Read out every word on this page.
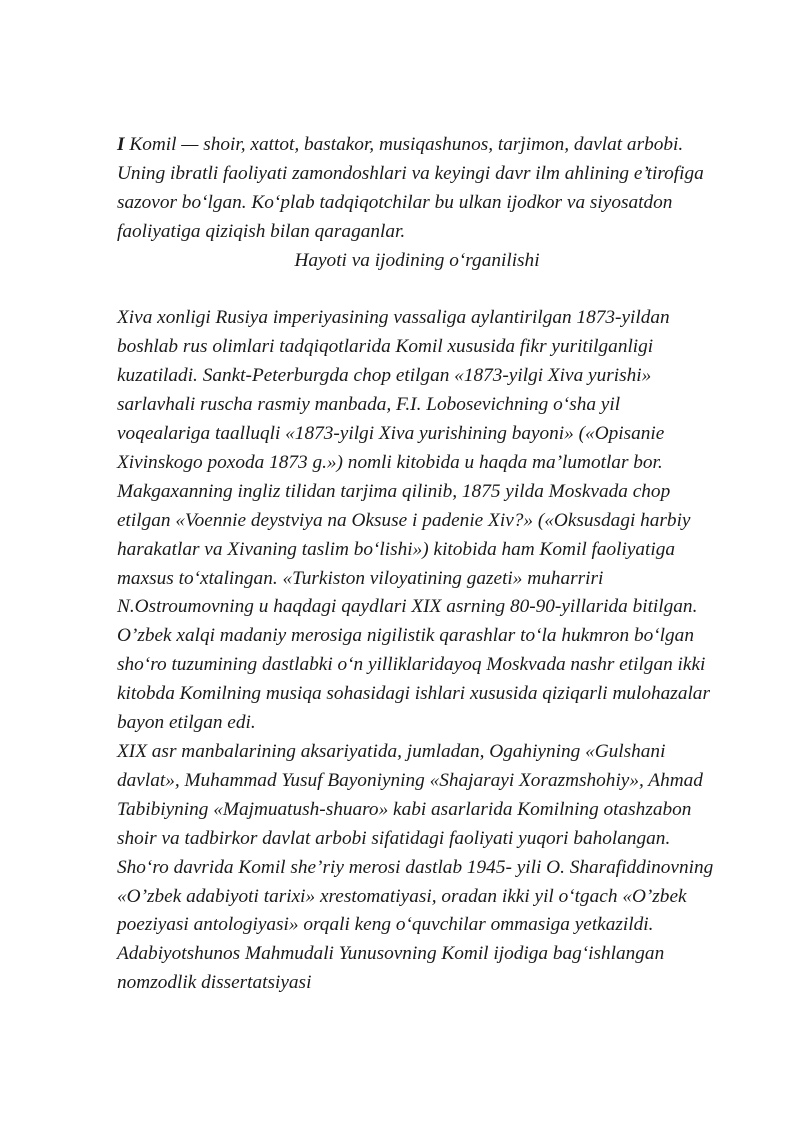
I Komil — shoir, xattot, bastakor, musiqashunos, tarjimon, davlat arbobi. Uning ibratli faoliyati zamondoshlari va keyingi davr ilm ahlining e’tirofiga sazovor bo‘lgan. Ko‘plab tadqiqotchilar bu ulkan ijodkor va siyosatdon faoliyatiga qiziqish bilan qaraganlar.

Hayoti va ijodining o‘rganilishi

Xiva xonligi Rusiya imperiyasining vassaliga aylantirilgan 1873-yildan boshlab rus olimlari tadqiqotlarida Komil xususida fikr yuritilganligi kuzatiladi. Sankt-Peterburgda chop etilgan «1873-yilgi Xiva yurishi» sarlavhali ruscha rasmiy manbada, F.I. Lobosevichning o‘sha yil voqealariga taalluqli «1873-yilgi Xiva yurishining bayoni» («Opisanie Xivinskogo poxoda 1873 g.») nomli kitobida u haqda ma’lumotlar bor. Makgaxanning ingliz tilidan tarjima qilinib, 1875 yilda Moskvada chop etilgan «Voennie deystviya na Oksuse i padenie Xiv?» («Oksusdagi harbiy harakatlar va Xivaning taslim bo‘lishi») kitobida ham Komil faoliyatiga maxsus to‘xtalingan. «Turkiston viloyatining gazeti» muharriri N.Ostroumovning u haqdagi qaydlari XIX asrning 80-90-yillarida bitilgan.

O’zbek xalqi madaniy merosiga nigilistik qarashlar to‘la hukmron bo‘lgan sho‘ro tuzumining dastlabki o‘n yilliklaridayoq Moskvada nashr etilgan ikki kitobda Komilning musiqa sohasidagi ishlari xususida qiziqarli mulohazalar bayon etilgan edi.

XIX asr manbalarining aksariyatida, jumladan, Ogahiyning «Gulshani davlat», Muhammad Yusuf Bayoniyning «Shajarayi Xorazmshohiy», Ahmad Tabibiyning «Majmuatush-shuaro» kabi asarlarida Komilning otashzabon shoir va tadbirkor davlat arbobi sifatidagi faoliyati yuqori baholangan.

Sho‘ro davrida Komil she’riy merosi dastlab 1945- yili O. Sharafiddinovning «O’zbek adabiyoti tarixi» xrestomatiyasi, oradan ikki yil o‘tgach «O’zbek poeziyasi antologiyasi» orqali keng o‘quvchilar ommasiga yetkazildi. Adabiyotshunos Mahmudali Yunusovning Komil ijodiga bag‘ishlangan nomzodlik dissertatsiyasi
